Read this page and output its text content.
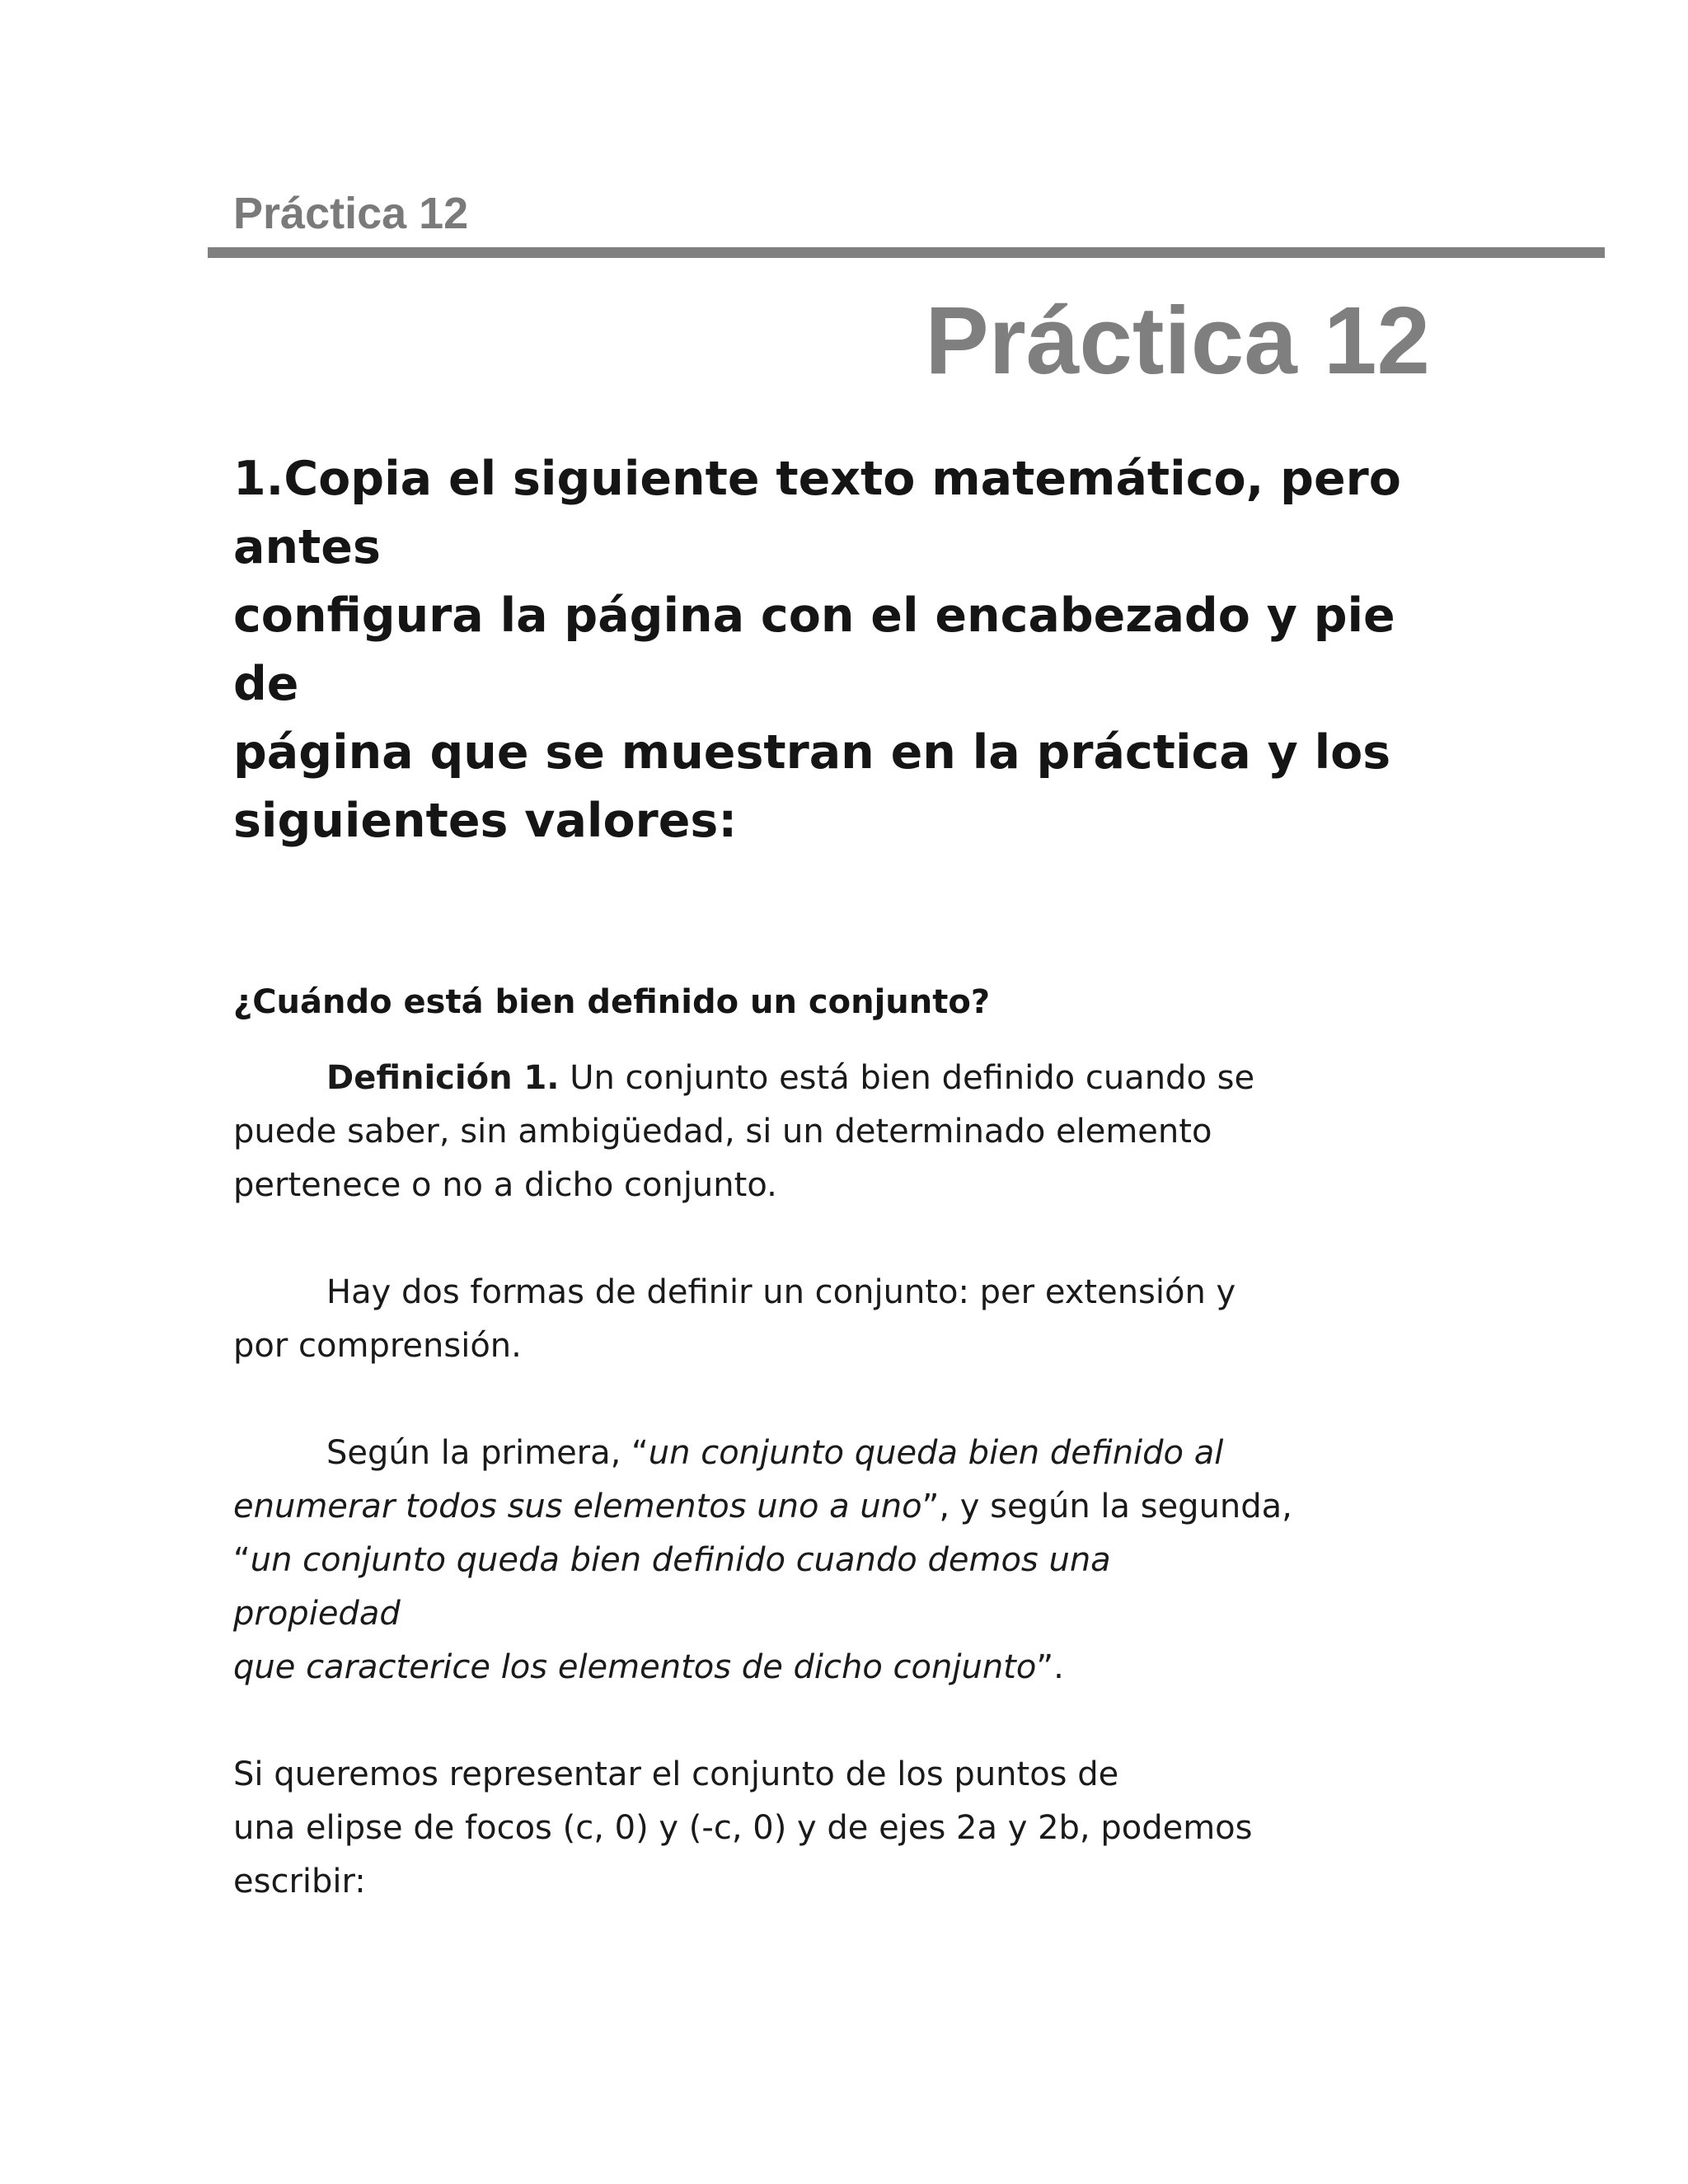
Práctica 12
Práctica 12

1.Copia el siguiente texto matemático, pero antes
configura la página con el encabezado y pie de
página que se muestran en la práctica y los
siguientes valores:

¿Cuándo está bien definido un conjunto?

Definición 1. Un conjunto está bien definido cuando se
puede saber, sin ambigüedad, si un determinado elemento
pertenece o no a dicho conjunto.

Hay dos formas de definir un conjunto: per extensión y
por comprensión.

Según la primera, “un conjunto queda bien definido al
enumerar todos sus elementos uno a uno”, y según la segunda,
“un conjunto queda bien definido cuando demos una
propiedad
que caracterice los elementos de dicho conjunto”.

Si queremos representar el conjunto de los puntos de
una elipse de focos (c, 0) y (-c, 0) y de ejes 2a y 2b, podemos
escribir:
